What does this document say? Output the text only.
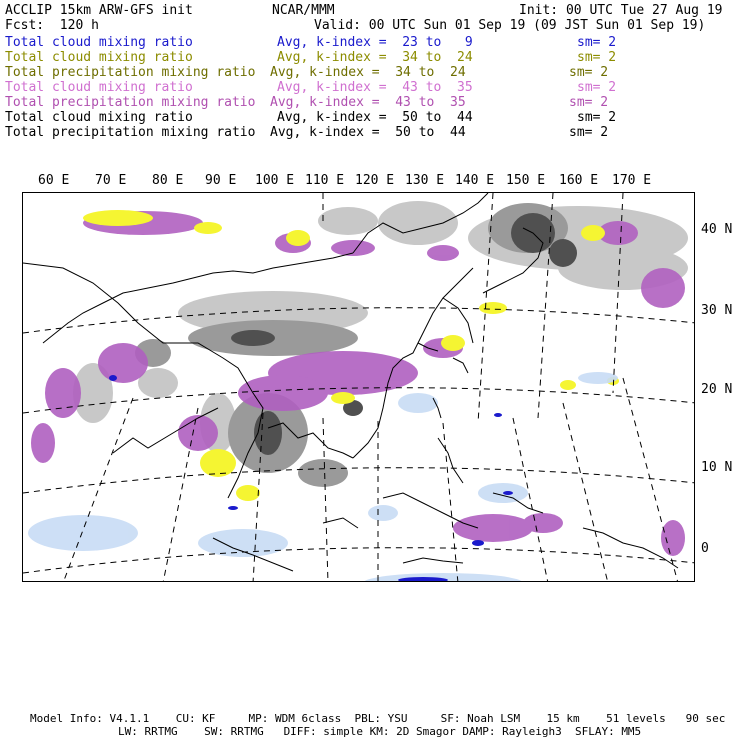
ACCLIP 15km ARW-GFS init	NCAR/MMM	Init: 00 UTC Tue 27 Aug 19
Fcst:  120 h	Valid: 00 UTC Sun 01 Sep 19 (09 JST Sun 01 Sep 19)
Total cloud mixing ratio	Avg, k-index =  23 to   9	sm= 2
Total cloud mixing ratio	Avg, k-index =  34 to  24	sm= 2
Total precipitation mixing ratio Avg, k-index =  34 to  24	sm= 2
Total cloud mixing ratio	Avg, k-index =  43 to  35	sm= 2
Total precipitation mixing ratio Avg, k-index =  43 to  35	sm= 2
Total cloud mixing ratio	Avg, k-index =  50 to  44	sm= 2
Total precipitation mixing ratio Avg, k-index =  50 to  44	sm= 2
60 E 70 E 80 E 90 E 100 E 110 E 120 E 130 E 140 E 150 E 160 E 170 E
40 N
30 N
20 N
10 N
0
Model Info: V4.1.1    CU: KF     MP: WDM 6class  PBL: YSU     SF: Noah LSM    15 km    51 levels   90 sec
LW: RRTMG    SW: RRTMG   DIFF: simple KM: 2D Smagor DAMP: Rayleigh3  SFLAY: MM5
